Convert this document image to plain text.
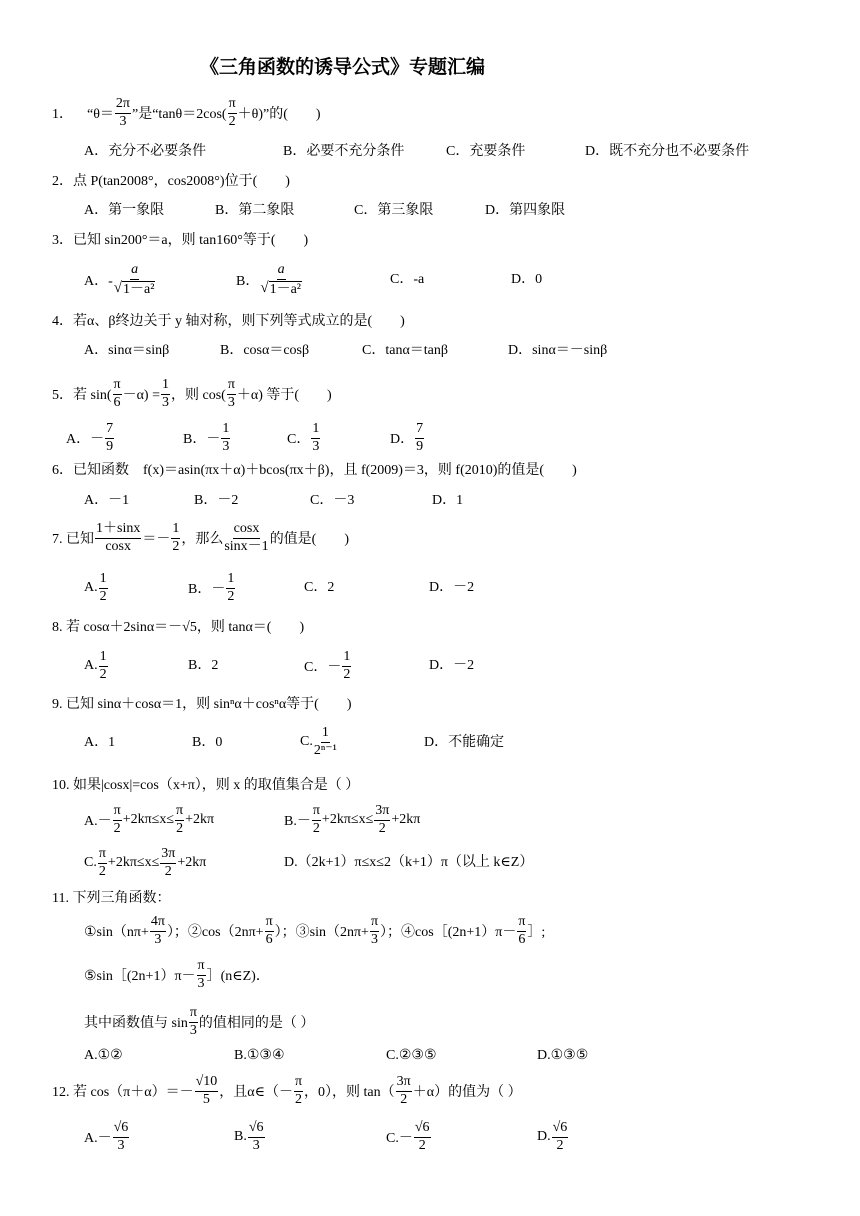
《三角函数的诱导公式》专题汇编
1． “θ＝
2π
3 ”是“tanθ＝2cos(
π
2 ＋θ)”的(　　)
A．充分不必要条件	B．必要不充分条件	C．充要条件	D．既不充分也不必要条件
2．点 P(tan2008°，cos2008°)位于(　　)
A．第一象限	B．第二象限	C．第三象限	D．第四象限
3．已知 sin200°＝a，则 tan160°等于(　　)
A．-
a
√ 1－a²
B．
a
√ 1－a²
C．-a	D．0
4．若α、β终边关于 y 轴对称，则下列等式成立的是(　　)
A．sinα＝sinβ	B．cosα＝cosβ	C．tanα＝tanβ	D．sinα＝－sinβ
5．若 sin(
π
$6 -\alpha) = \frac{1}{3}$ ，则 cos(
π
3 ＋α) 等于(　　)
A．－
7
9	B．－
1
3	C．
1
3	D．
7
9
6．已知函数　f(x)＝asin(πx＋α)＋bcos(πx＋β)，且 f(2009)＝3，则 f(2010)的值是(　　)
A．－1	B．－2	C．－3	D．1
7. 已知
1＋sinx
cosx ＝－
1
2 ，那么
cosx
sinx－1 的值是(　　)
A.
1
2	B．－
1
2
C．2	D．－2
8. 若 cosα＋2sinα＝－√5，则 tanα＝(　　)
A.
1
2
B．2	C．－
1
2
D．－2
9. 已知 sinα＋cosα＝1，则 sinⁿα＋cosⁿα等于(　　)
A．1	B．0	C.
1
2ⁿ⁻¹	D．不能确定
10. 如果|cosx|=cos（x+π），则 x 的取值集合是（ ）
A.－
π
2
$+2k\pi\le x\le \frac{\pi}{2} +2k\pi$	B.－
π
2
$+2k\pi\le x\le \frac{3\pi}{2} +2k\pi$
C.
π
2
$+2k\pi\le x\le \frac{3\pi}{2} +2k\pi$	D.（2k+1）π≤x≤2（k+1）π（以上 k∈Z）
11. 下列三角函数：
①sin（nπ+ $\frac{4\pi}{3}$ ）；②cos（2nπ+ $\frac{\pi}{6}$ ）；③sin（2nπ+ $\frac{\pi}{3}$ ）；④cos［(2n+1）π－
π
6 ］;
⑤sin［(2n+1）π－
π
3 ］(n∈Z)．
其中函数值与 sin
π
3 的值相同的是（ ）
A.①②	B.①③④	C.②③⑤	D.①③⑤
12. 若 cos（π＋α）＝－
√10
5 ，且α∈（－
π
2 ，0），则 tan（
3π
2 ＋α）的值为（ ）
A.－
√6
3
B.
√6
3	C.－
√6
2
D.
√6
2
